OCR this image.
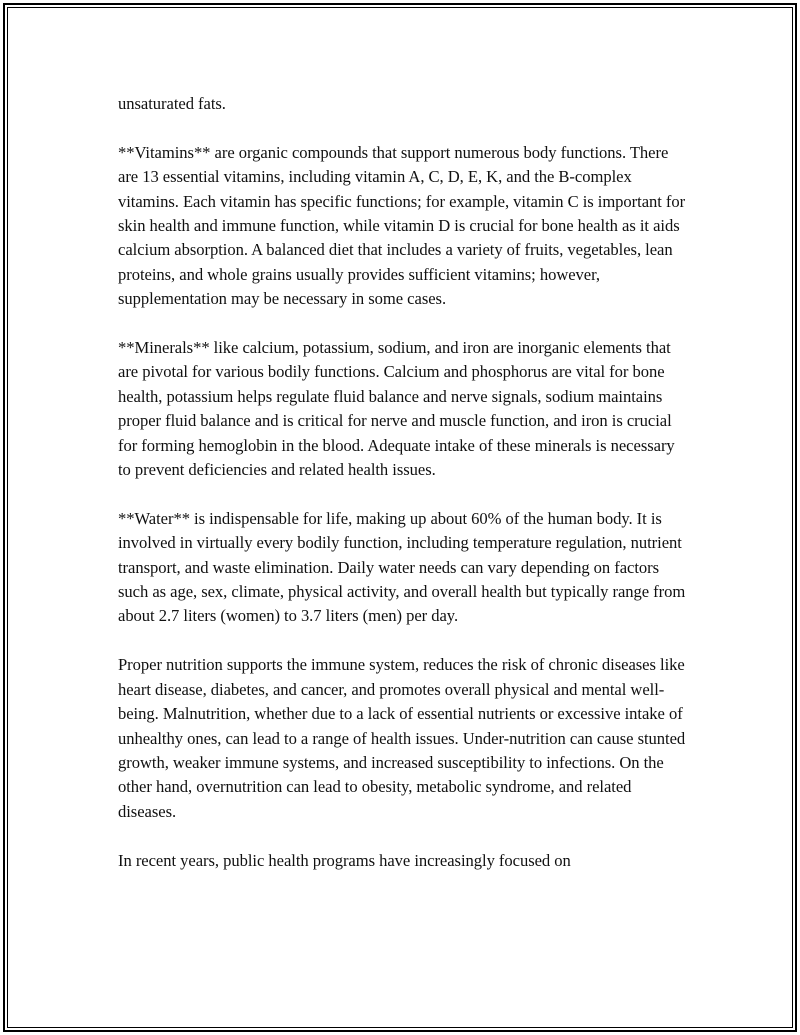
unsaturated fats.

**Vitamins** are organic compounds that support numerous body functions. There are 13 essential vitamins, including vitamin A, C, D, E, K, and the B-complex vitamins. Each vitamin has specific functions; for example, vitamin C is important for skin health and immune function, while vitamin D is crucial for bone health as it aids calcium absorption. A balanced diet that includes a variety of fruits, vegetables, lean proteins, and whole grains usually provides sufficient vitamins; however, supplementation may be necessary in some cases.

**Minerals** like calcium, potassium, sodium, and iron are inorganic elements that are pivotal for various bodily functions. Calcium and phosphorus are vital for bone health, potassium helps regulate fluid balance and nerve signals, sodium maintains proper fluid balance and is critical for nerve and muscle function, and iron is crucial for forming hemoglobin in the blood. Adequate intake of these minerals is necessary to prevent deficiencies and related health issues.

**Water** is indispensable for life, making up about 60% of the human body. It is involved in virtually every bodily function, including temperature regulation, nutrient transport, and waste elimination. Daily water needs can vary depending on factors such as age, sex, climate, physical activity, and overall health but typically range from about 2.7 liters (women) to 3.7 liters (men) per day.

Proper nutrition supports the immune system, reduces the risk of chronic diseases like heart disease, diabetes, and cancer, and promotes overall physical and mental well-being. Malnutrition, whether due to a lack of essential nutrients or excessive intake of unhealthy ones, can lead to a range of health issues. Under-nutrition can cause stunted growth, weaker immune systems, and increased susceptibility to infections. On the other hand, overnutrition can lead to obesity, metabolic syndrome, and related diseases.

In recent years, public health programs have increasingly focused on
